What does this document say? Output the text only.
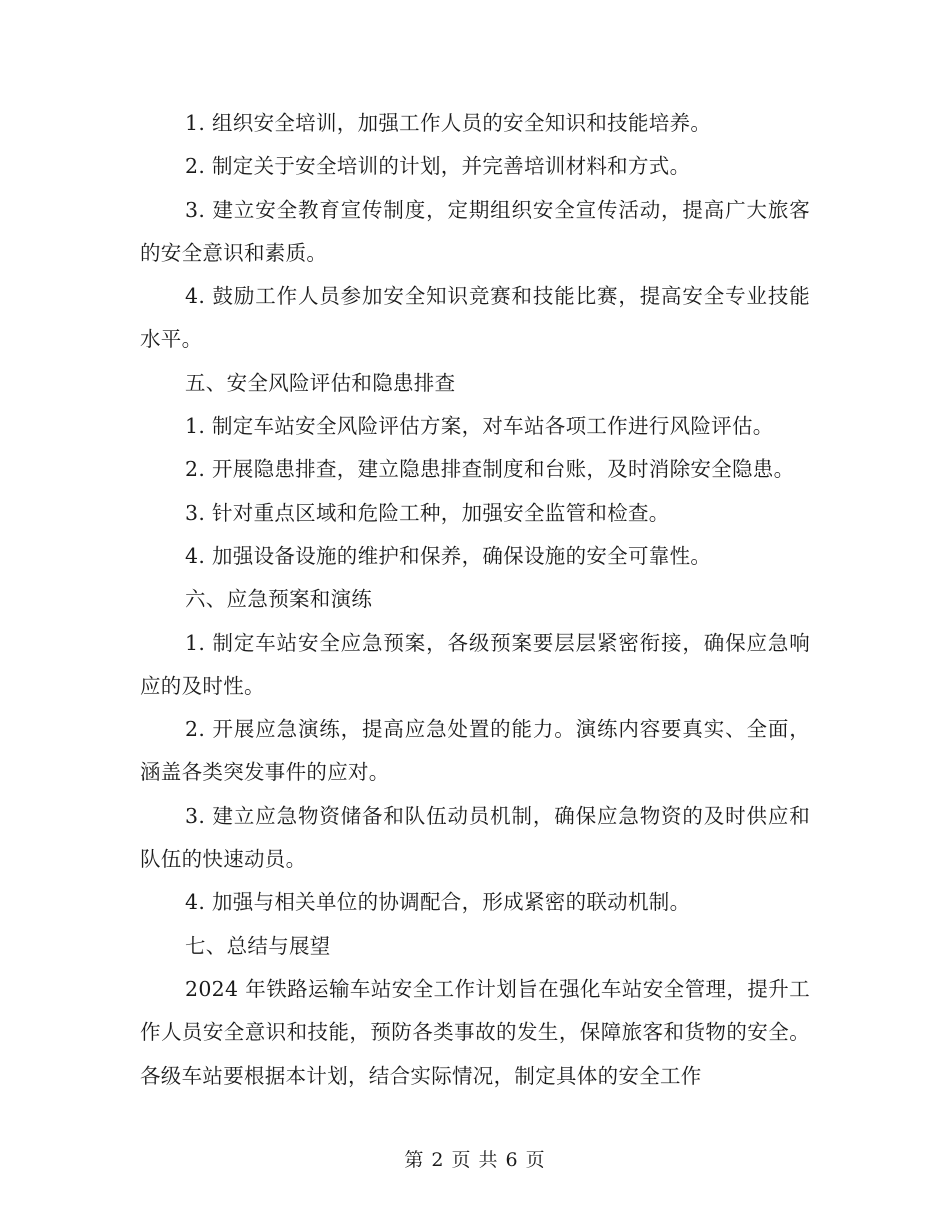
1. 组织安全培训，加强工作人员的安全知识和技能培养。

2. 制定关于安全培训的计划，并完善培训材料和方式。

3. 建立安全教育宣传制度，定期组织安全宣传活动，提高广大旅客的安全意识和素质。

4. 鼓励工作人员参加安全知识竞赛和技能比赛，提高安全专业技能水平。

五、安全风险评估和隐患排查

1. 制定车站安全风险评估方案，对车站各项工作进行风险评估。

2. 开展隐患排查，建立隐患排查制度和台账，及时消除安全隐患。

3. 针对重点区域和危险工种，加强安全监管和检查。

4. 加强设备设施的维护和保养，确保设施的安全可靠性。

六、应急预案和演练

1. 制定车站安全应急预案，各级预案要层层紧密衔接，确保应急响应的及时性。

2. 开展应急演练，提高应急处置的能力。演练内容要真实、全面，涵盖各类突发事件的应对。

3. 建立应急物资储备和队伍动员机制，确保应急物资的及时供应和队伍的快速动员。

4. 加强与相关单位的协调配合，形成紧密的联动机制。

七、总结与展望

2024 年铁路运输车站安全工作计划旨在强化车站安全管理，提升工作人员安全意识和技能，预防各类事故的发生，保障旅客和货物的安全。各级车站要根据本计划，结合实际情况，制定具体的安全工作

第 2 页 共 6 页
